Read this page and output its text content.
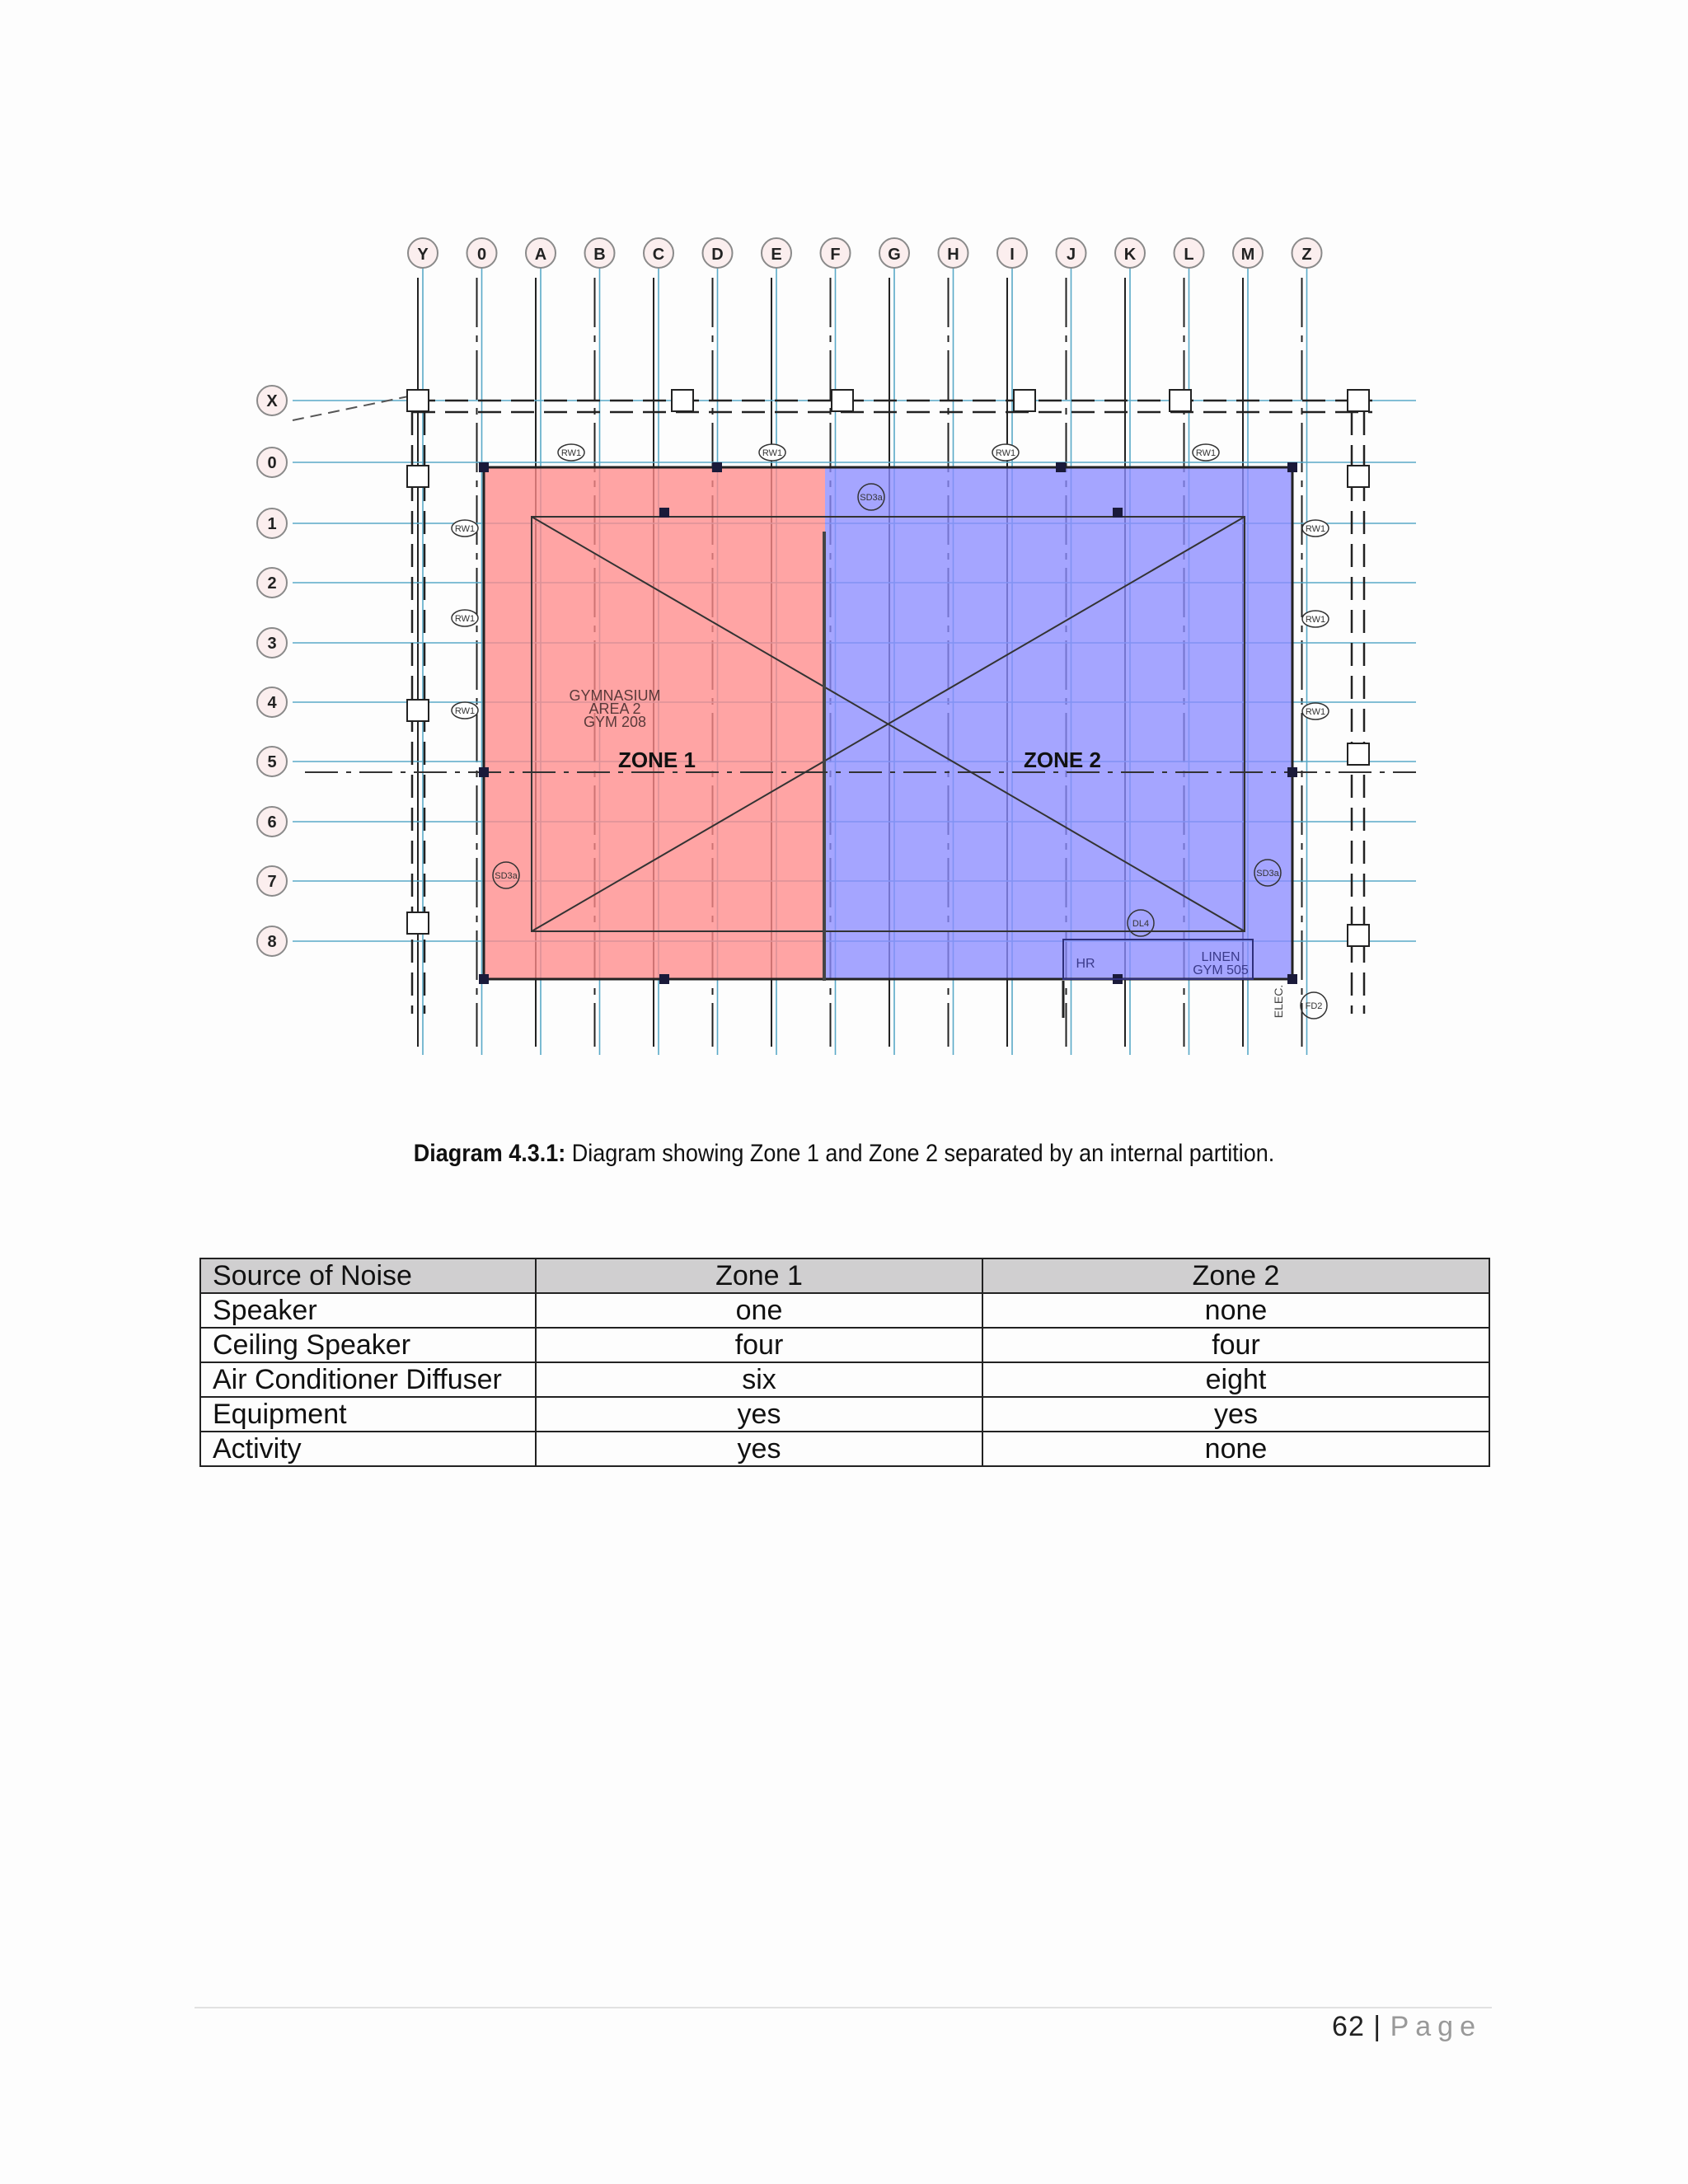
Y	0	A	B	C	D	E	F	G	H	I	J	K	L	M	Z
X
0
1
2
3
4
5
6
7
8
RW1	RW1	RW1	RW1
RW1
RW1
RW1
RW1
RW1
RW1
SD3a
SD3a	SD3a
DL4
FD2
GYMNASIUM
AREA 2
GYM 208
ZONE 1	ZONE 2
HR	LINEN
GYM 505
ELEC.
Diagram 4.3.1: Diagram showing Zone 1 and Zone 2 separated by an internal partition.
Source of Noise	Zone 1	Zone 2
Speaker	one	none
Ceiling Speaker	four	four
Air Conditioner Diffuser	six	eight
Equipment	yes	yes
Activity	yes	none
62 | Page
